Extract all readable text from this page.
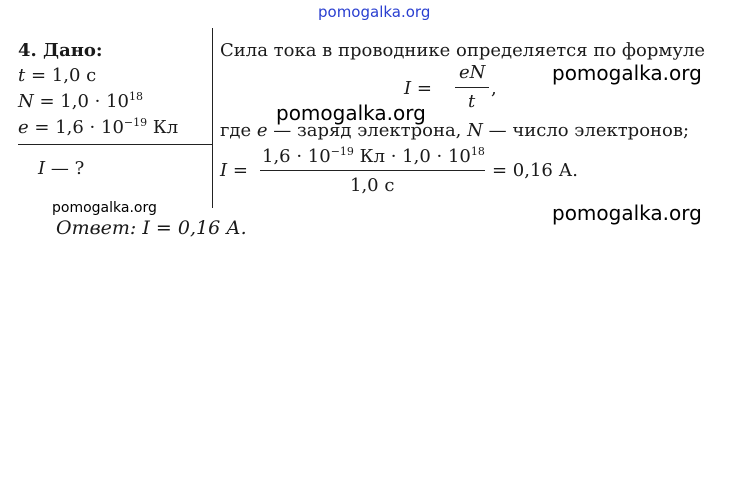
pomogalka.org
pomogalka.org
pomogalka.org
pomogalka.org	pomogalka.org
4. Дано:
t = 1,0 c
$N = 1,0 \cdot 10^{18}$
$e = 1,6 \cdot 10^{-19}$ Кл
I — ?
Сила тока в проводнике определяется по формуле
I =
eN
t
,
где e — заряд электрона, N — число электронов;
I =
$1,6 \cdot 10^{-19}$ Кл · $1,0 \cdot 10^{18}$
1,0 с
= 0,16 А.
Ответ: I = 0,16 А.
